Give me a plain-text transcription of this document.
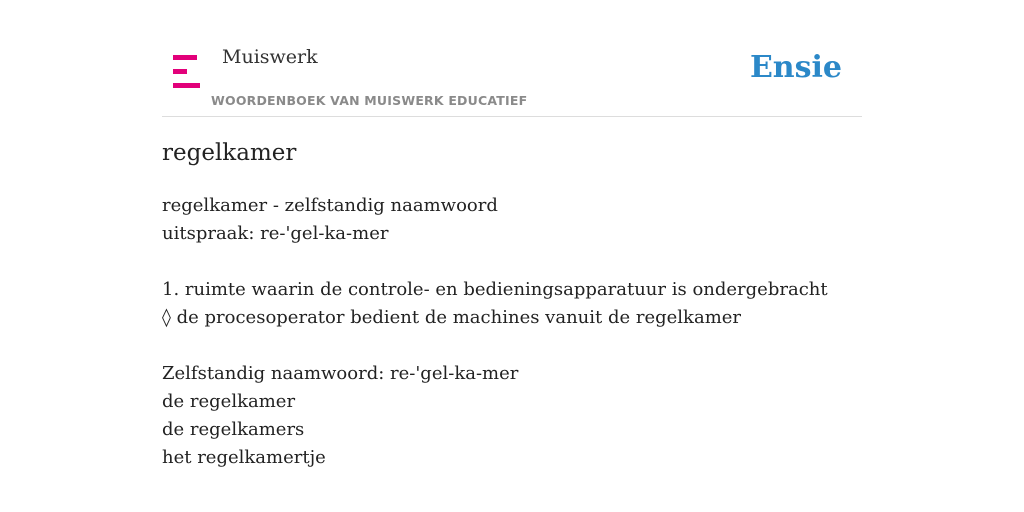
Muiswerk
WOORDENBOEK VAN MUISWERK EDUCATIEF
Ensie
regelkamer
regelkamer - zelfstandig naamwoord
uitspraak: re-'gel-ka-mer
1. ruimte waarin de controle- en bedieningsapparatuur is ondergebracht
◊ de procesoperator bedient de machines vanuit de regelkamer
Zelfstandig naamwoord: re-'gel-ka-mer
de regelkamer
de regelkamers
het regelkamertje
